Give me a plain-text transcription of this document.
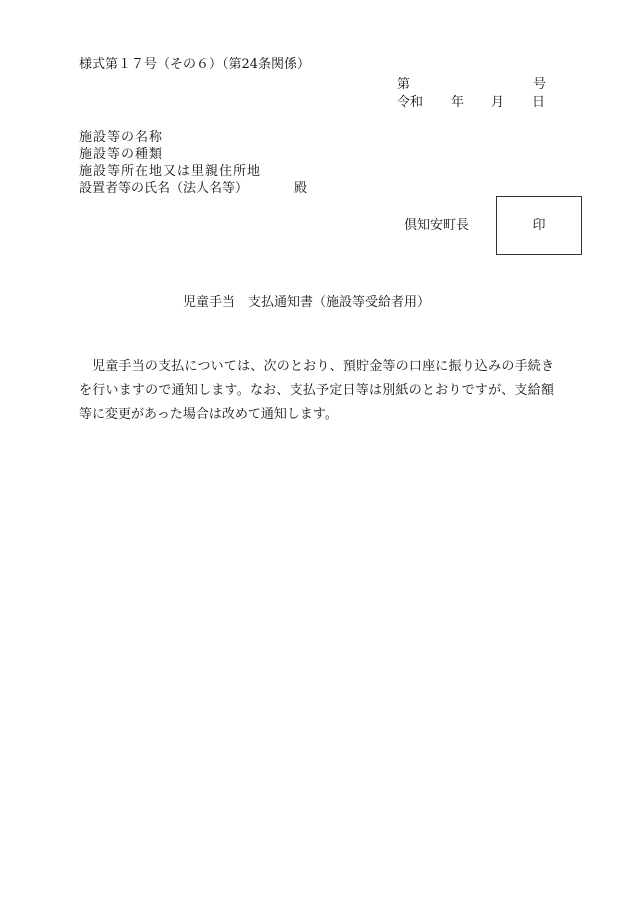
様式第１７号（その６）（第24条関係）
第	号
令和 年 月 日
施設等の名称
施設等の種類
施設等所在地又は里親住所地
設置者等の氏名（法人名等）	殿
倶知安町長	印
児童手当　支払通知書（施設等受給者用）
児童手当の支払については、次のとおり、預貯金等の口座に振り込みの手続きを行いますので通知します。なお、支払予定日等は別紙のとおりですが、支給額等に変更があった場合は改めて通知します。
